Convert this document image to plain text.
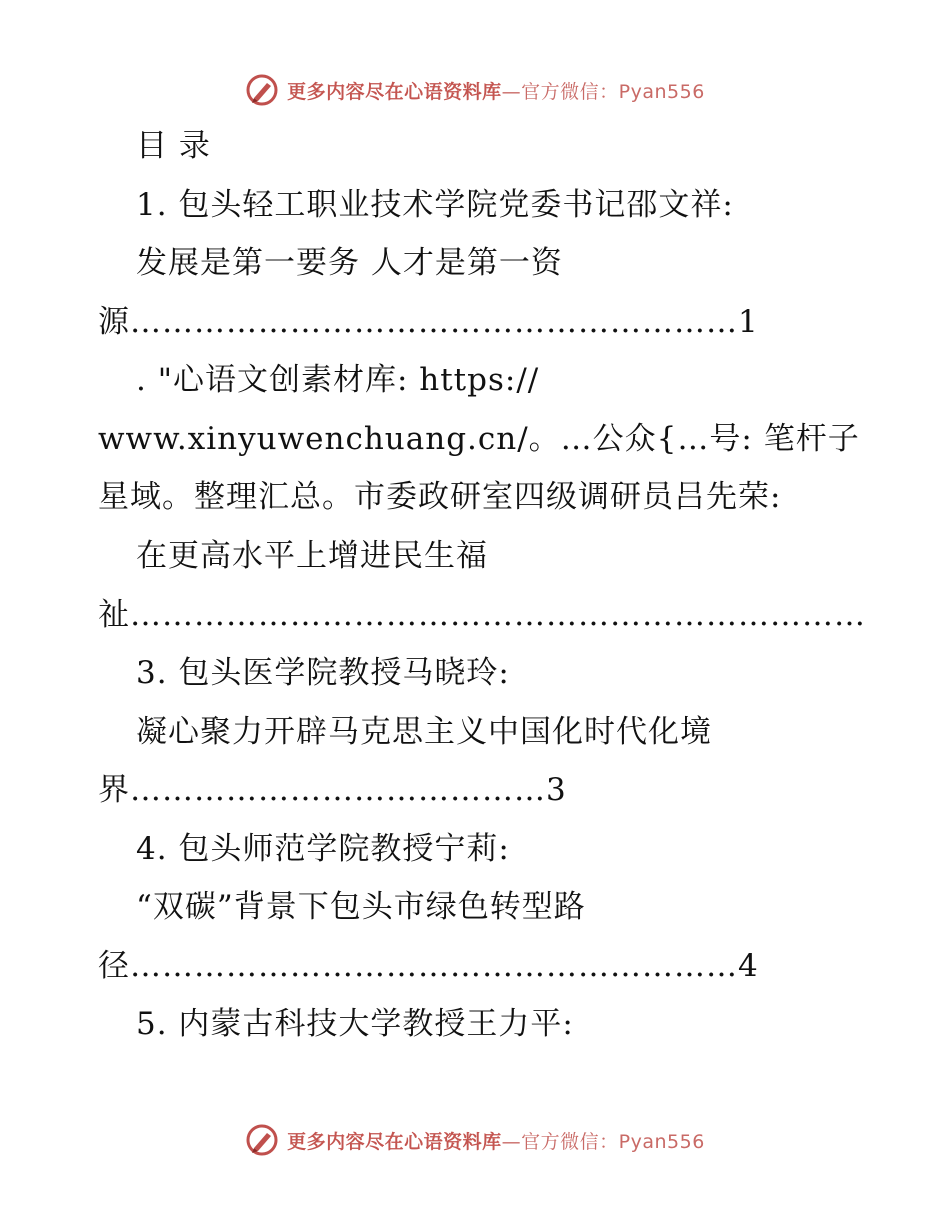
更多内容尽在心语资料库—官方微信：Pyan556
目 录
1. 包头轻工职业技术学院党委书记邵文祥:
发展是第一要务 人才是第一资
源…………………………………………………1
. "心语文创素材库: https://
www.xinyuwenchuang.cn/。…公众{…号: 笔杆子
星域。整理汇总。市委政研室四级调研员吕先荣:
在更高水平上增进民生福
祉……………………………………………………………
3. 包头医学院教授马晓玲:
凝心聚力开辟马克思主义中国化时代化境
界…………………………………3
4. 包头师范学院教授宁莉:
“双碳”背景下包头市绿色转型路
径…………………………………………………4
5. 内蒙古科技大学教授王力平:
更多内容尽在心语资料库—官方微信：Pyan556
